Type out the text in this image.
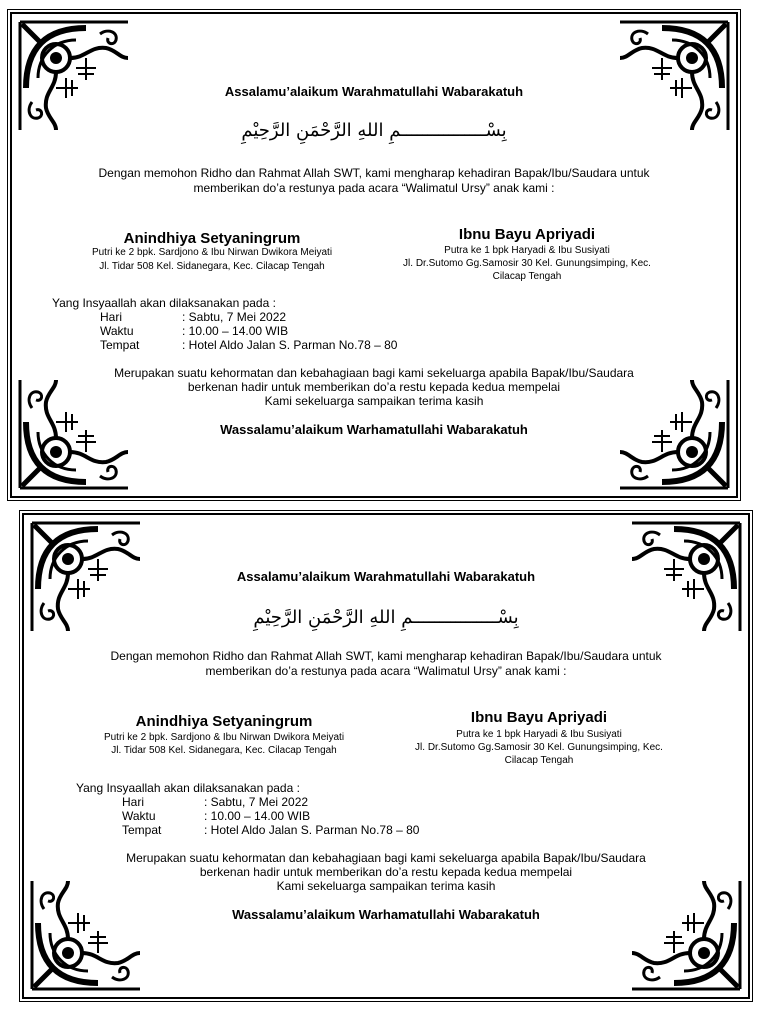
Assalamu’alaikum Warahmatullahi Wabarakatuh
بِسْــــــــــــــــمِ اللهِ الرَّحْمَنِ الرَّحِيْمِ
Dengan memohon Ridho dan Rahmat Allah SWT, kami mengharap kehadiran Bapak/Ibu/Saudara untuk
memberikan do’a restunya pada acara “Walimatul Ursy” anak kami :
Anindhiya Setyaningrum
Putri ke 2 bpk. Sardjono & Ibu Nirwan Dwikora Meiyati
Jl. Tidar 508 Kel. Sidanegara, Kec. Cilacap Tengah
Ibnu Bayu Apriyadi
Putra ke 1 bpk Haryadi & Ibu Susiyati
Jl. Dr.Sutomo Gg.Samosir 30 Kel. Gunungsimping, Kec.
Cilacap Tengah
Yang Insyaallah akan dilaksanakan pada :
Hari	: Sabtu, 7 Mei 2022
Waktu	: 10.00 – 14.00 WIB
Tempat	: Hotel Aldo Jalan S. Parman No.78 – 80
Merupakan suatu kehormatan dan kebahagiaan bagi kami sekeluarga apabila Bapak/Ibu/Saudara
berkenan hadir untuk memberikan do’a restu kepada kedua mempelai
Kami sekeluarga sampaikan terima kasih
Wassalamu’alaikum Warhamatullahi Wabarakatuh
Assalamu’alaikum Warahmatullahi Wabarakatuh
بِسْــــــــــــــــمِ اللهِ الرَّحْمَنِ الرَّحِيْمِ
Dengan memohon Ridho dan Rahmat Allah SWT, kami mengharap kehadiran Bapak/Ibu/Saudara untuk
memberikan do’a restunya pada acara “Walimatul Ursy” anak kami :
Anindhiya Setyaningrum
Putri ke 2 bpk. Sardjono & Ibu Nirwan Dwikora Meiyati
Jl. Tidar 508 Kel. Sidanegara, Kec. Cilacap Tengah
Ibnu Bayu Apriyadi
Putra ke 1 bpk Haryadi & Ibu Susiyati
Jl. Dr.Sutomo Gg.Samosir 30 Kel. Gunungsimping, Kec.
Cilacap Tengah
Yang Insyaallah akan dilaksanakan pada :
Hari	: Sabtu, 7 Mei 2022
Waktu	: 10.00 – 14.00 WIB
Tempat	: Hotel Aldo Jalan S. Parman No.78 – 80
Merupakan suatu kehormatan dan kebahagiaan bagi kami sekeluarga apabila Bapak/Ibu/Saudara
berkenan hadir untuk memberikan do’a restu kepada kedua mempelai
Kami sekeluarga sampaikan terima kasih
Wassalamu’alaikum Warhamatullahi Wabarakatuh
